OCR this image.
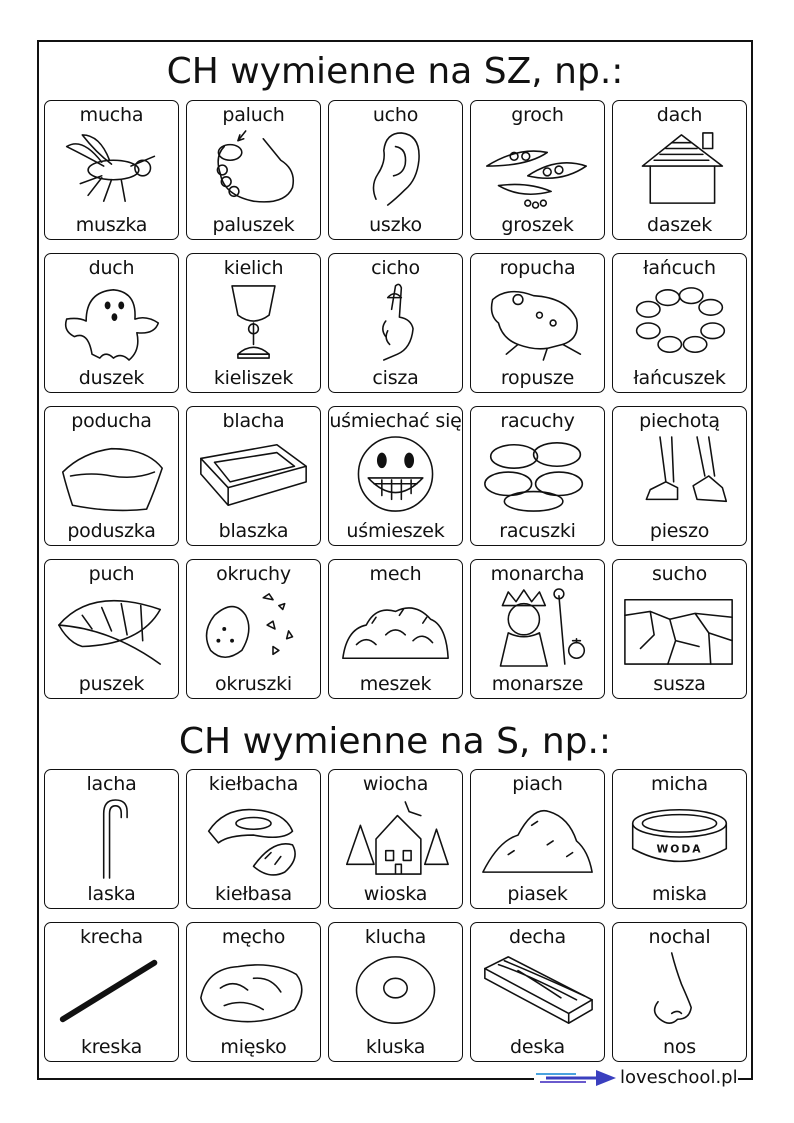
CH wymienne na SZ, np.:
mucha
muszka
paluch
paluszek
ucho
uszko
groch
groszek
dach
daszek
duch
duszek
kielich
kieliszek
cicho
cisza
ropucha
ropusze
łańcuch
łańcuszek
poducha
poduszka
blacha
blaszka
uśmiechać się
uśmieszek
racuchy
racuszki
piechotą
pieszo
puch
puszek
okruchy
okruszki
mech
meszek
monarcha
monarsze
sucho
susza
CH wymienne na S, np.:
lacha
laska
kiełbacha
kiełbasa
wiocha
wioska
piach
piasek
micha
WODA
miska
krecha
kreska
męcho
mięsko
klucha
kluska
decha
deska
nochal
nos
loveschool.pl
